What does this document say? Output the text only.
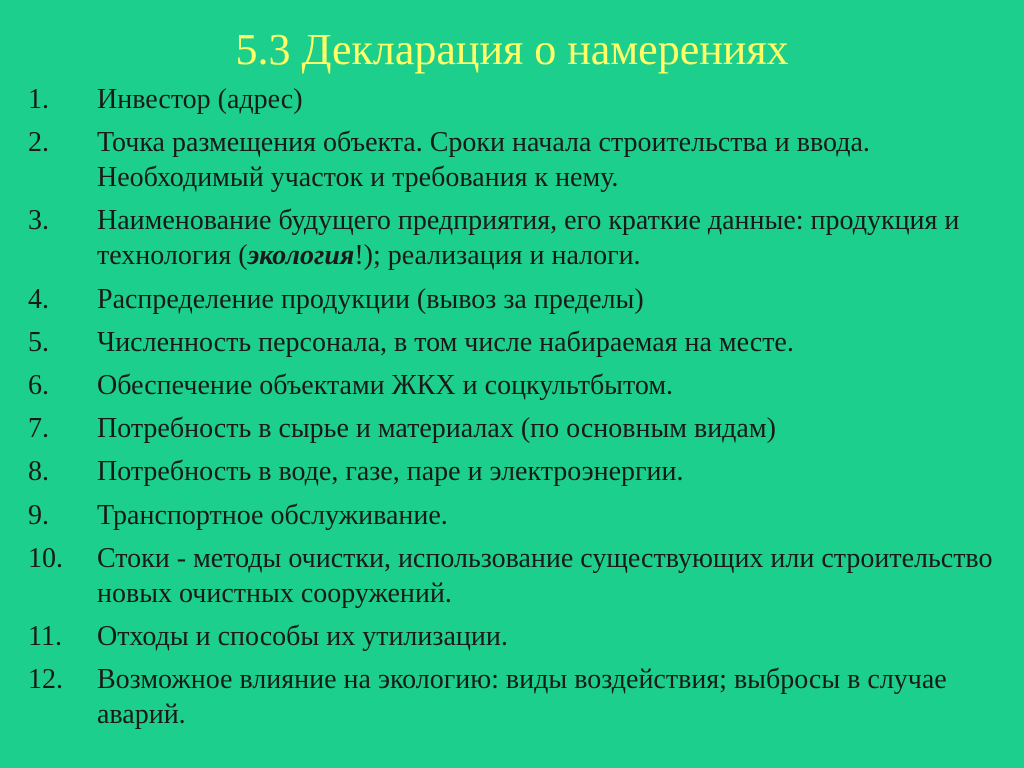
5.3 Декларация о намерениях
1.	Инвестор (адрес)
2.	Точка размещения объекта. Сроки начала строительства и ввода. Необходимый участок и требования к нему.
3.	Наименование будущего предприятия, его краткие данные: продукция и технология (экология!); реализация и налоги.
4.	Распределение продукции (вывоз за пределы)
5.	Численность персонала, в том числе набираемая на месте.
6.	Обеспечение объектами ЖКХ и соцкультбытом.
7.	Потребность в сырье и материалах (по основным видам)
8.	Потребность в воде, газе, паре и электроэнергии.
9.	Транспортное обслуживание.
10.	Стоки - методы очистки, использование существующих или строительство новых очистных сооружений.
11.	Отходы и способы их утилизации.
12.	Возможное влияние на экологию: виды воздействия; выбросы в случае аварий.
